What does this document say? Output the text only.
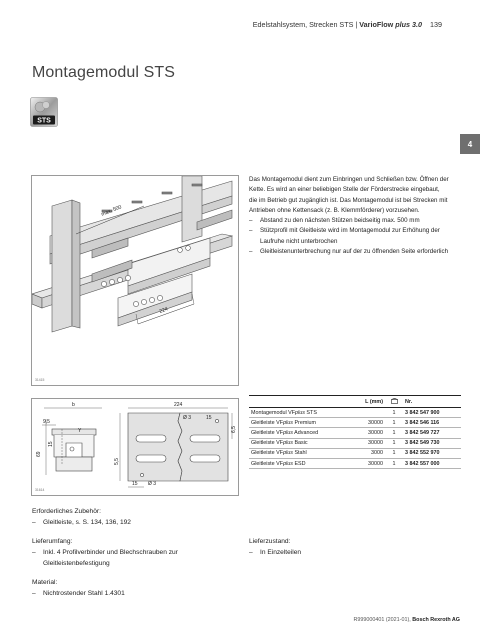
Edelstahlsystem, Strecken STS | VarioFlow plus 3.0 139
4
Montagemodul STS
STS
max. 500
224
31415
b
9,5
224
Ø 3	15
Y
69
15
5,5
6,5
15 Ø 3
31614

Das Montagemodul dient zum Einbringen und Schließen bzw. Öffnen der Kette. Es wird an einer beliebigen Stelle der Förderstrecke eingebaut, die im Betrieb gut zugänglich ist. Das Montagemodul ist bei Strecken mit Antrieben ohne Kettensack (z. B. Klemmförderer) vorzusehen.

– Abstand zu den nächsten Stützen beidseitig max. 500 mm
– Stützprofil mit Gleitleiste wird im Montagemodul zur Erhöhung der Laufruhe nicht unterbrochen
– Gleitleistenunterbrechung nur auf der zu öffnenden Seite erforderlich
	L (mm)		Nr.
Montagemodul VFplus STS		1	3 842 547 900
Gleitleiste VFplus Premium	30000	1	3 842 546 116
Gleitleiste VFplus Advanced	30000	1	3 842 549 727
Gleitleiste VFplus Basic	30000	1	3 842 549 730
Gleitleiste VFplus Stahl	3000	1	3 842 552 970
Gleitleiste VFplus ESD	30000	1	3 842 557 000

Erforderliches Zubehör:

– Gleitleiste, s. S. 134, 136, 192

Lieferumfang:

– Inkl. 4 Profilverbinder und Blechschrauben zur Gleitleistenbefestigung

Lieferzustand:

– In Einzelteilen

Material:

– Nichtrostender Stahl 1.4301
R999000401 (2021-01), Bosch Rexroth AG
